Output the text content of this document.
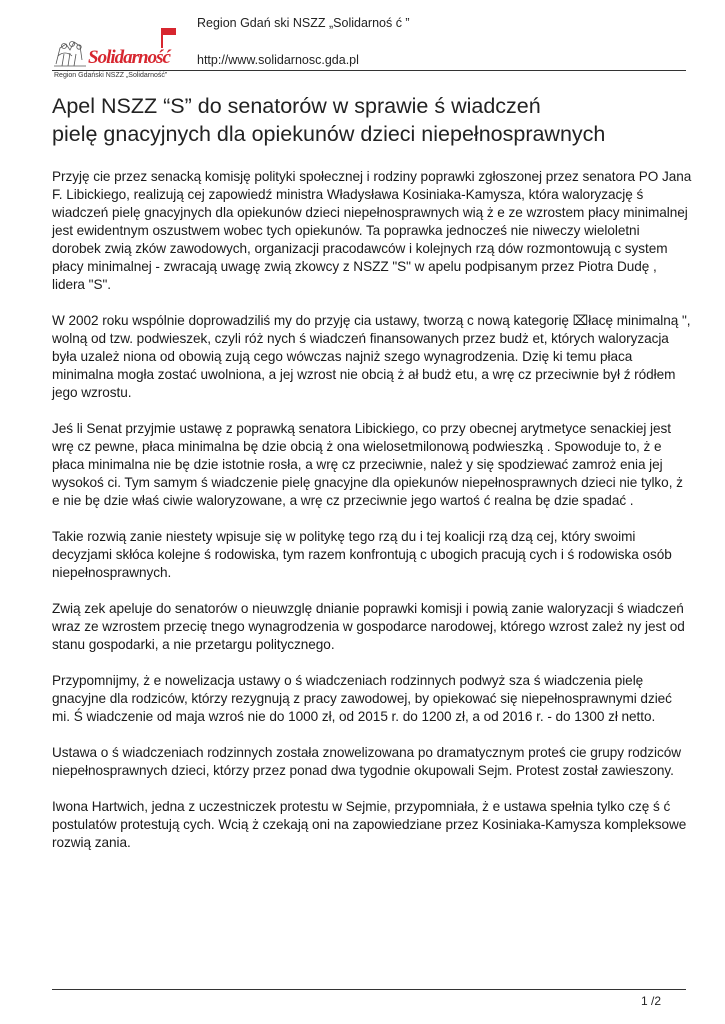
Solidarność
Region Gdański NSZZ „Solidarność”
Region Gdań ski NSZZ „Solidarnoś ć ”
http://www.solidarnosc.gda.pl
Apel NSZZ “S” do senatorów w sprawie ś wiadczeń
pielę gnacyjnych dla opiekunów dzieci niepełnosprawnych

Przyję cie przez senacką komisję polityki społecznej i rodziny poprawki zgłoszonej przez senatora PO Jana F. Libickiego, realizują cej zapowiedź ministra Władysława Kosiniaka-Kamysza, która waloryzację ś wiadczeń pielę gnacyjnych dla opiekunów dzieci niepełnosprawnych wią ż e ze wzrostem płacy minimalnej jest ewidentnym oszustwem wobec tych opiekunów. Ta poprawka jednocześ nie niweczy wieloletni dorobek zwią zków zawodowych, organizacji pracodawców i kolejnych rzą dów rozmontowują c system płacy minimalnej - zwracają uwagę zwią zkowcy z NSZZ "S" w apelu podpisanym przez Piotra Dudę , lidera "S".

W 2002 roku wspólnie doprowadziliś my do przyję cia ustawy, tworzą c nową kategorię ⌧łacę minimalną ", wolną od tzw. podwieszek, czyli róż nych ś wiadczeń finansowanych przez budż et, których waloryzacja była uzależ niona od obowią zują cego wówczas najniż szego wynagrodzenia. Dzię ki temu płaca minimalna mogła zostać uwolniona, a jej wzrost nie obcią ż ał budż etu, a wrę cz przeciwnie był ź ródłem jego wzrostu.

Jeś li Senat przyjmie ustawę z poprawką senatora Libickiego, co przy obecnej arytmetyce senackiej jest wrę cz pewne, płaca minimalna bę dzie obcią ż ona wielosetmilonową podwieszką . Spowoduje to, ż e płaca minimalna nie bę dzie istotnie rosła, a wrę cz przeciwnie, należ y się spodziewać zamroż enia jej wysokoś ci. Tym samym ś wiadczenie pielę gnacyjne dla opiekunów niepełnosprawnych dzieci nie tylko, ż e nie bę dzie właś ciwie waloryzowane, a wrę cz przeciwnie jego wartoś ć realna bę dzie spadać .

Takie rozwią zanie niestety wpisuje się w politykę tego rzą du i tej koalicji rzą dzą cej, który swoimi decyzjami skłóca kolejne ś rodowiska, tym razem konfrontują c ubogich pracują cych i ś rodowiska osób niepełnosprawnych.

Zwią zek apeluje do senatorów o nieuwzglę dnianie poprawki komisji i powią zanie waloryzacji ś wiadczeń wraz ze wzrostem przecię tnego wynagrodzenia w gospodarce narodowej, którego wzrost zależ ny jest od stanu gospodarki, a nie przetargu politycznego.

Przypomnijmy, ż e nowelizacja ustawy o ś wiadczeniach rodzinnych podwyż sza ś wiadczenia pielę gnacyjne dla rodziców, którzy rezygnują z pracy zawodowej, by opiekować się niepełnosprawnymi dzieć mi. Ś wiadczenie od maja wzroś nie do 1000 zł, od 2015 r. do 1200 zł, a od 2016 r. - do 1300 zł netto.

Ustawa o ś wiadczeniach rodzinnych została znowelizowana po dramatycznym proteś cie grupy rodziców niepełnosprawnych dzieci, którzy przez ponad dwa tygodnie okupowali Sejm. Protest został zawieszony.

Iwona Hartwich, jedna z uczestniczek protestu w Sejmie, przypomniała, ż e ustawa spełnia tylko czę ś ć postulatów protestują cych. Wcią ż czekają oni na zapowiedziane przez Kosiniaka-Kamysza kompleksowe rozwią zania.

1 /2
